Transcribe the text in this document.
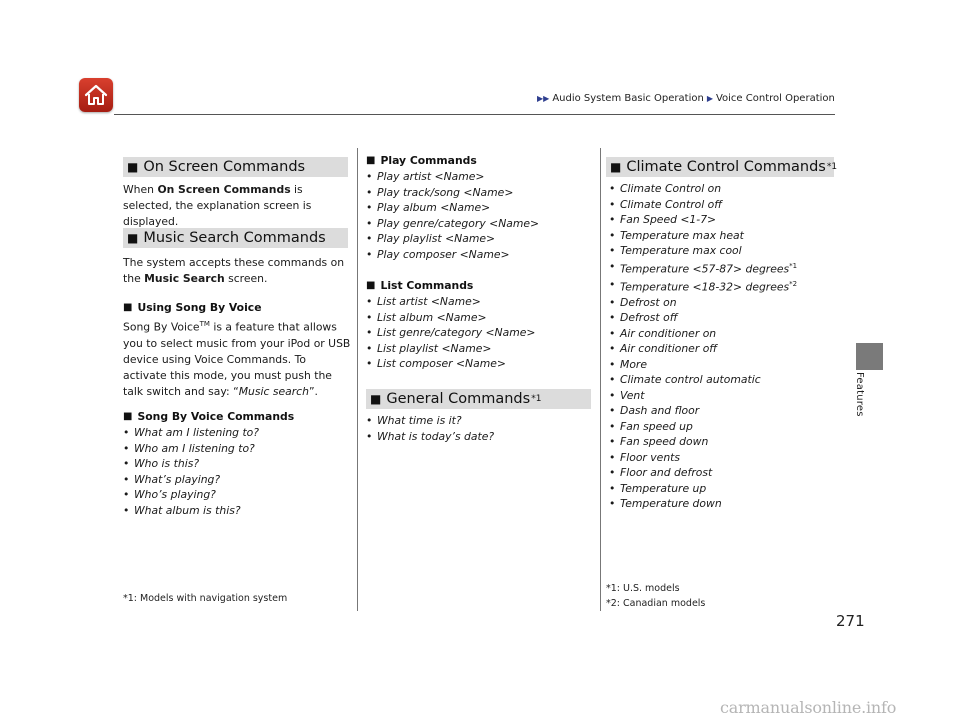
▶▶ Audio System Basic Operation ▶ Voice Control Operation
Features
■ On Screen Commands

When On Screen Commands is selected, the explanation screen is displayed.

■ Music Search Commands

The system accepts these commands on the Music Search screen.

■ Using Song By Voice

Song By Voice™ is a feature that allows you to select music from your iPod or USB device using Voice Commands. To activate this mode, you must push the talk switch and say: “Music search”.

■ Song By Voice Commands
• What am I listening to?
• Who am I listening to?
• Who is this?
• What’s playing?
• Who’s playing?
• What album is this?
*1: Models with navigation system
■ Play Commands
• Play artist <Name>
• Play track/song <Name>
• Play album <Name>
• Play genre/category <Name>
• Play playlist <Name>
• Play composer <Name>
■ List Commands
• List artist <Name>
• List album <Name>
• List genre/category <Name>
• List playlist <Name>
• List composer <Name>
■ General Commands *1
• What time is it?
• What is today’s date?
■ Climate Control Commands *1
• Climate Control on
• Climate Control off
• Fan Speed <1-7>
• Temperature max heat
• Temperature max cool
• Temperature <57-87> degrees$^{*1}$
• Temperature <18-32> degrees$^{*2}$
• Defrost on
• Defrost off
• Air conditioner on
• Air conditioner off
• More
• Climate control automatic
• Vent
• Dash and floor
• Fan speed up
• Fan speed down
• Floor vents
• Floor and defrost
• Temperature up
• Temperature down
*1: U.S. models
*2: Canadian models
271
carmanualsonline.info
